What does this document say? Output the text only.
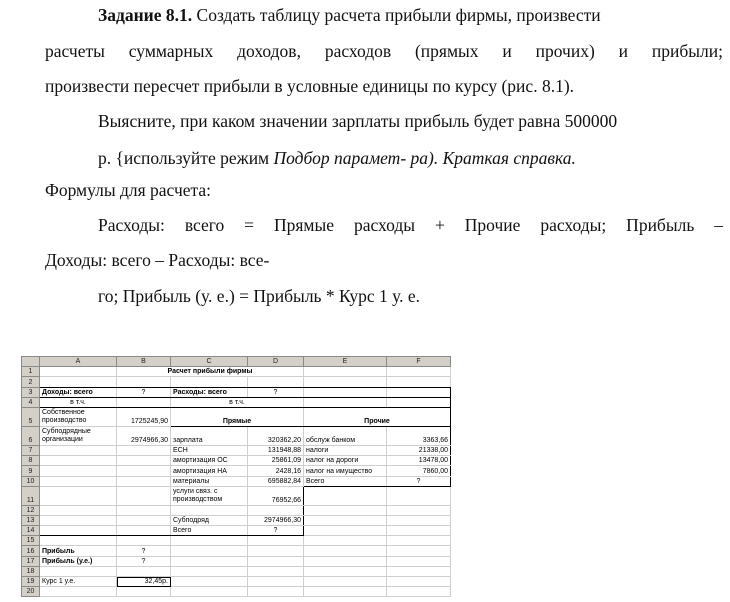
Задание 8.1. Создать таблицу расчета прибыли фирмы, произвести
расчеты суммарных доходов, расходов (прямых и прочих) и прибыли;
произвести пересчет прибыли в условные единицы по курсу (рис. 8.1).
Выясните, при каком значении зарплаты прибыль будет равна 500000
р. {используйте режим Подбор парамет- ра). Краткая справка.
Формулы для расчета:
Расходы: всего = Прямые расходы + Прочие расходы; Прибыль –
Доходы: всего – Расходы: все-
го; Прибыль (у. е.) = Прибыль * Курс 1 у. е.
	A	B	C	D	E	F
1		Расчет прибыли фирмы				
2						
3	Доходы: всего	?	Расходы: всего	?		
4	в т.ч.		в т.ч.			
5	Собственное производство	1725245,90	Прямые		Прочие	
6	Субподрядные организации	2974966,30	зарплата	320362,20	обслуж банком	3363,66
7			ЕСН	131948,88	налоги	21338,00
8			амортизация ОС	25861,09	налог на дороги	13478,00
9			амортизация НА	2428,16	налог на имущество	7860,00
10			материалы	695882,84	Всего	?
11			услуги связ. с производством	76952,66		
12						
13			Субподряд	2974966,30		
14			Всего	?		
15						
16	Прибыль	?				
17	Прибыль (у.е.)	?				
18						
19	Курс 1 у.е.	32,45р.				
20						
